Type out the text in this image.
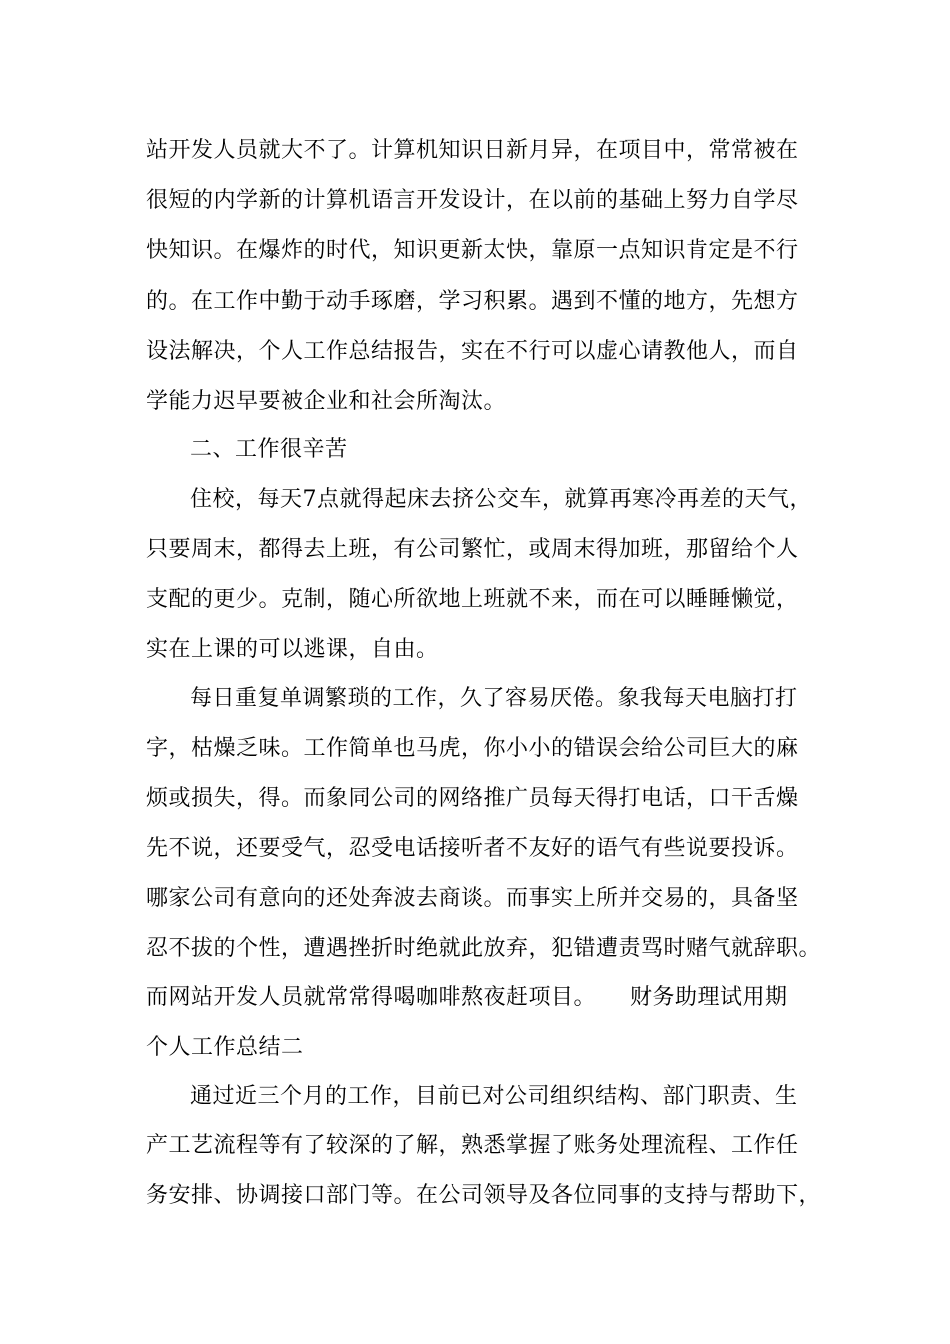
站开发人员就大不了。计算机知识日新月异，在项目中，常常被在
很短的内学新的计算机语言开发设计，在以前的基础上努力自学尽
快知识。在爆炸的时代，知识更新太快，靠原一点知识肯定是不行
的。在工作中勤于动手琢磨，学习积累。遇到不懂的地方，先想方
设法解决，个人工作总结报告，实在不行可以虚心请教他人，而自
学能力迟早要被企业和社会所淘汰。
二、工作很辛苦
住校，每天7点就得起床去挤公交车，就算再寒冷再差的天气，
只要周末，都得去上班，有公司繁忙，或周末得加班，那留给个人
支配的更少。克制，随心所欲地上班就不来，而在可以睡睡懒觉，
实在上课的可以逃课，自由。
每日重复单调繁琐的工作，久了容易厌倦。象我每天电脑打打
字，枯燥乏味。工作简单也马虎，你小小的错误会给公司巨大的麻
烦或损失，得。而象同公司的网络推广员每天得打电话，口干舌燥
先不说，还要受气，忍受电话接听者不友好的语气有些说要投诉。
哪家公司有意向的还处奔波去商谈。而事实上所并交易的，具备坚
忍不拔的个性，遭遇挫折时绝就此放弃，犯错遭责骂时赌气就辞职。
而网站开发人员就常常得喝咖啡熬夜赶项目。　　财务助理试用期
个人工作总结二
通过近三个月的工作，目前已对公司组织结构、部门职责、生
产工艺流程等有了较深的了解，熟悉掌握了账务处理流程、工作任
务安排、协调接口部门等。在公司领导及各位同事的支持与帮助下，
